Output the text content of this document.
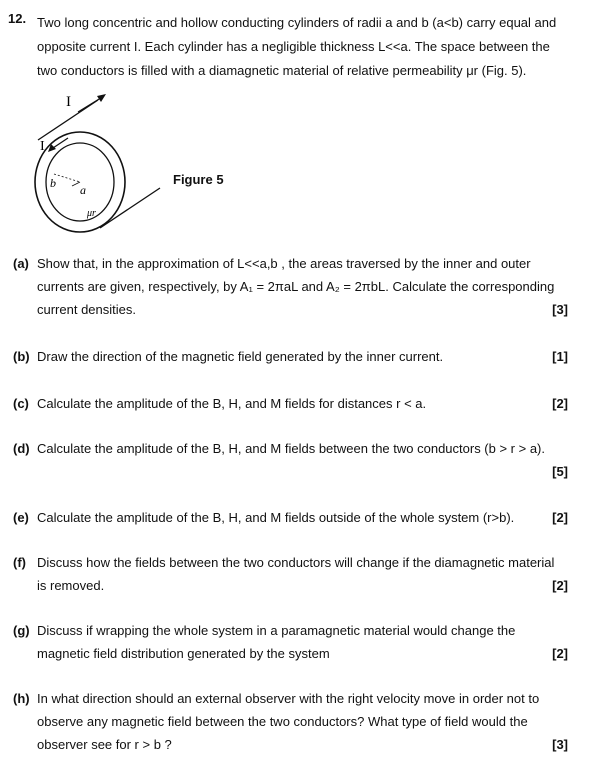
12. Two long concentric and hollow conducting cylinders of radii a and b (a<b) carry equal and
opposite current I. Each cylinder has a negligible thickness L<<a. The space between the
two conductors is filled with a diamagnetic material of relative permeability μr (Fig. 5).
I
I
b a
μr
Figure 5
(a) Show that, in the approximation of L<<a,b , the areas traversed by the inner and outer
currents are given, respectively, by A₁ = 2πaL and A₂ = 2πbL. Calculate the corresponding
current densities.	[3]
(b) Draw the direction of the magnetic field generated by the inner current.	[1]
(c) Calculate the amplitude of the B, H, and M fields for distances r < a.	[2]
(d) Calculate the amplitude of the B, H, and M fields between the two conductors (b > r > a).

[5]
(e) Calculate the amplitude of the B, H, and M fields outside of the whole system (r>b).	[2]
(f) Discuss how the fields between the two conductors will change if the diamagnetic material
is removed.	[2]
(g) Discuss if wrapping the whole system in a paramagnetic material would change the
magnetic field distribution generated by the system	[2]
(h) In what direction should an external observer with the right velocity move in order not to
observe any magnetic field between the two conductors? What type of field would the
observer see for r > b ?	[3]
